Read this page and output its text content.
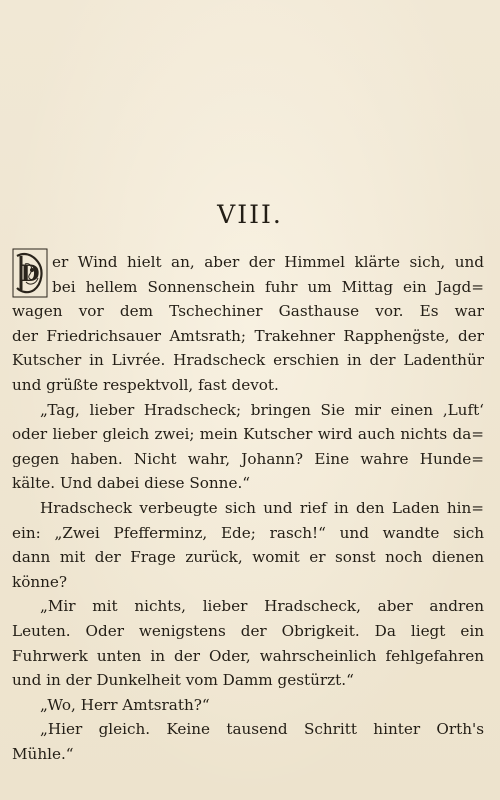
VIII.
D er Wind hielt an, aber der Himmel klärte sich, und
bei hellem Sonnenschein fuhr um Mittag ein Jagd=
wagen vor dem Tschechiner Gasthause vor. Es war
der Friedrichsauer Amtsrath; Trakehner Rappheng̈ste, der
Kutscher in Livrée. Hradscheck erschien in der Ladenthür
und grüßte respektvoll, fast devot.
„Tag, lieber Hradscheck; bringen Sie mir einen ‚Luft‘
oder lieber gleich zwei; mein Kutscher wird auch nichts da=
gegen haben. Nicht wahr, Johann? Eine wahre Hunde=
kälte. Und dabei diese Sonne.“
Hradscheck verbeugte sich und rief in den Laden hin=
ein: „Zwei Pfefferminz, Ede; rasch!“ und wandte sich
dann mit der Frage zurück, womit er sonst noch dienen
könne?
„Mir mit nichts, lieber Hradscheck, aber andren
Leuten. Oder wenigstens der Obrigkeit. Da liegt ein
Fuhrwerk unten in der Oder, wahrscheinlich fehlgefahren
und in der Dunkelheit vom Damm gestürzt.“
„Wo, Herr Amtsrath?“
„Hier gleich. Keine tausend Schritt hinter Orth's
Mühle.“
